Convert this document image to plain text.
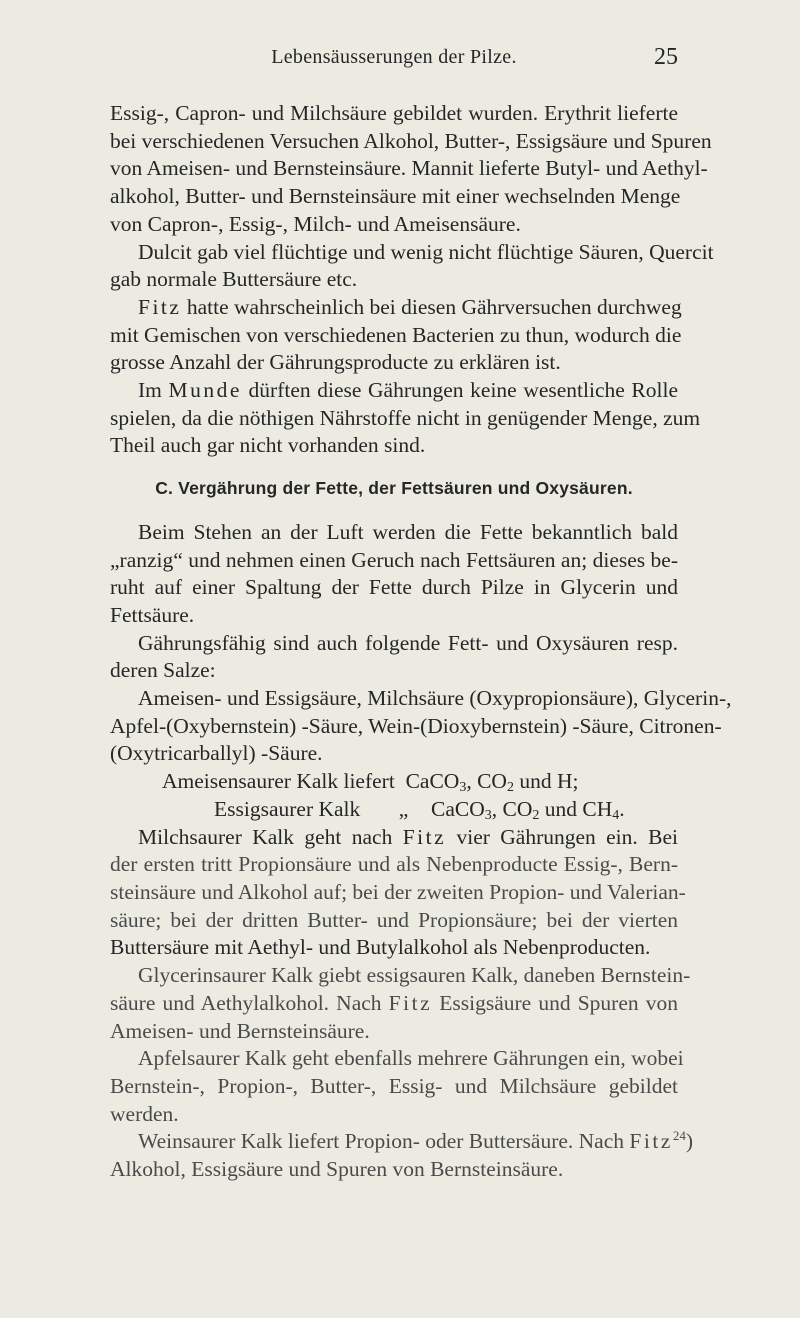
Lebensäusserungen der Pilze.	25
Essig-, Capron- und Milchsäure gebildet wurden. Erythrit lieferte
bei verschiedenen Versuchen Alkohol, Butter-, Essigsäure und Spuren
von Ameisen- und Bernsteinsäure. Mannit lieferte Butyl- und Aethyl-
alkohol, Butter- und Bernsteinsäure mit einer wechselnden Menge
von Capron-, Essig-, Milch- und Ameisensäure.
Dulcit gab viel flüchtige und wenig nicht flüchtige Säuren, Quercit
gab normale Buttersäure etc.
Fitz hatte wahrscheinlich bei diesen Gährversuchen durchweg
mit Gemischen von verschiedenen Bacterien zu thun, wodurch die
grosse Anzahl der Gährungsproducte zu erklären ist.
Im Munde dürften diese Gährungen keine wesentliche Rolle
spielen, da die nöthigen Nährstoffe nicht in genügender Menge, zum
Theil auch gar nicht vorhanden sind.
C. Vergährung der Fette, der Fettsäuren und Oxysäuren.
Beim Stehen an der Luft werden die Fette bekanntlich bald
„ranzig“ und nehmen einen Geruch nach Fettsäuren an; dieses be-
ruht auf einer Spaltung der Fette durch Pilze in Glycerin und
Fettsäure.
Gährungsfähig sind auch folgende Fett- und Oxysäuren resp.
deren Salze:
Ameisen- und Essigsäure, Milchsäure (Oxypropionsäure), Glycerin-,
Apfel-(Oxybernstein) -Säure, Wein-(Dioxybernstein) -Säure, Citronen-
(Oxytricarballyl) -Säure.
Ameisensaurer Kalk liefert CaCO$_3$, $CO_2$ und H;
Essigsaurer Kalk „ CaCO$_3$, $CO_2$ und $CH_4$.
Milchsaurer Kalk geht nach Fitz vier Gährungen ein. Bei
der ersten tritt Propionsäure und als Nebenproducte Essig-, Bern-
steinsäure und Alkohol auf; bei der zweiten Propion- und Valerian-
säure; bei der dritten Butter- und Propionsäure; bei der vierten
Buttersäure mit Aethyl- und Butylalkohol als Nebenproducten.
Glycerinsaurer Kalk giebt essigsauren Kalk, daneben Bernstein-
säure und Aethylalkohol. Nach Fitz Essigsäure und Spuren von
Ameisen- und Bernsteinsäure.
Apfelsaurer Kalk geht ebenfalls mehrere Gährungen ein, wobei
Bernstein-, Propion-, Butter-, Essig- und Milchsäure gebildet
werden.
Weinsaurer Kalk liefert Propion- oder Buttersäure. Nach Fitz$^{24}$)
Alkohol, Essigsäure und Spuren von Bernsteinsäure.
